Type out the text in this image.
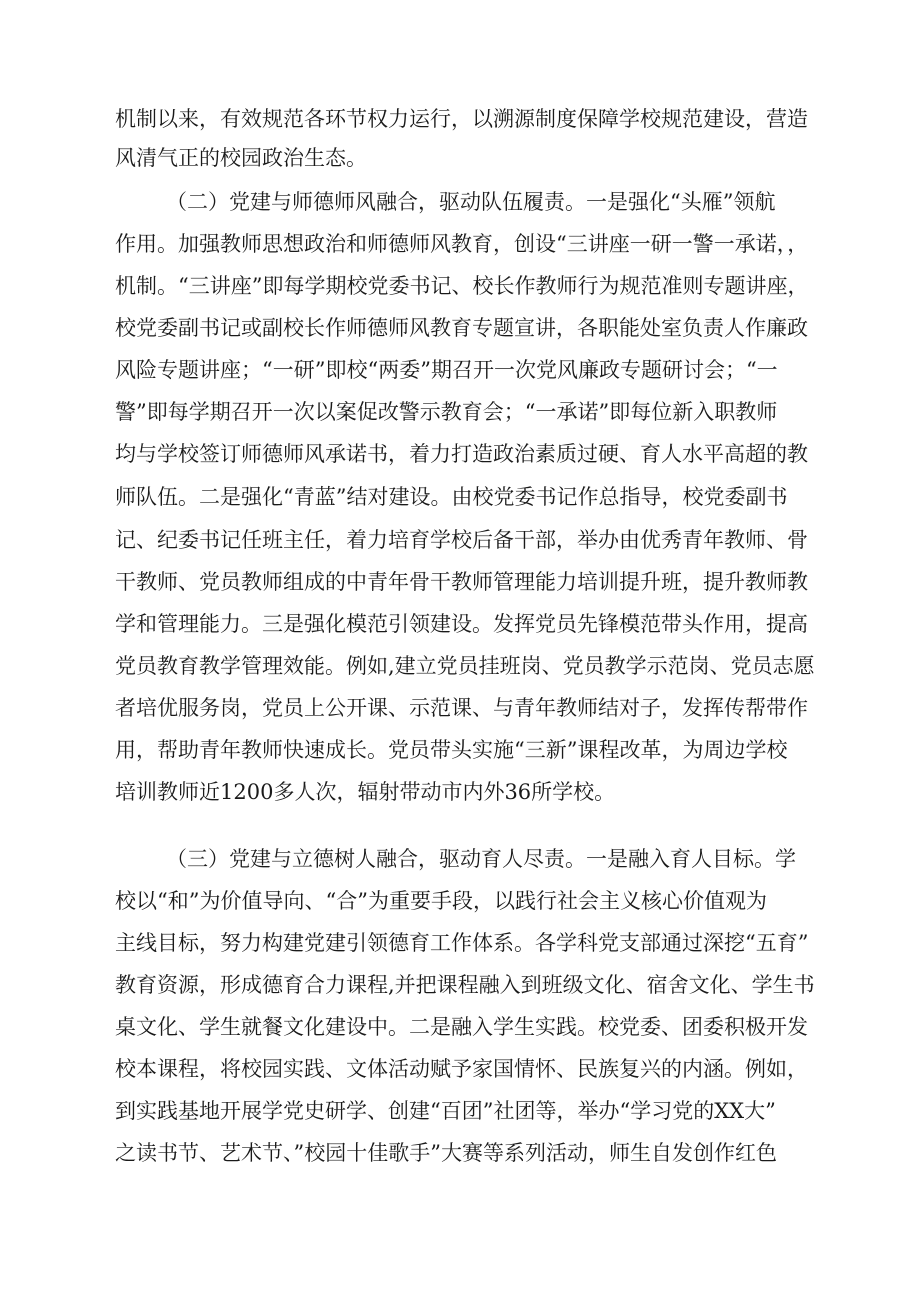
机制以来，有效规范各环节权力运行，以溯源制度保障学校规范建设，营造
风清气正的校园政治生态。
（二）党建与师德师风融合，驱动队伍履责。一是强化“头雁”领航
作用。加强教师思想政治和师德师风教育，创设“三讲座一研一警一承诺，，
机制。“三讲座”即每学期校党委书记、校长作教师行为规范准则专题讲座，
校党委副书记或副校长作师德师风教育专题宣讲，各职能处室负责人作廉政
风险专题讲座；“一研”即校“两委”期召开一次党风廉政专题研讨会；“一
警”即每学期召开一次以案促改警示教育会；“一承诺”即每位新入职教师
均与学校签订师德师风承诺书，着力打造政治素质过硬、育人水平高超的教
师队伍。二是强化“青蓝”结对建设。由校党委书记作总指导，校党委副书
记、纪委书记任班主任，着力培育学校后备干部，举办由优秀青年教师、骨
干教师、党员教师组成的中青年骨干教师管理能力培训提升班，提升教师教
学和管理能力。三是强化模范引领建设。发挥党员先锋模范带头作用，提高
党员教育教学管理效能。例如,建立党员挂班岗、党员教学示范岗、党员志愿
者培优服务岗，党员上公开课、示范课、与青年教师结对子，发挥传帮带作
用，帮助青年教师快速成长。党员带头实施“三新”课程改革，为周边学校
培训教师近1200多人次，辐射带动市内外36所学校。
（三）党建与立德树人融合，驱动育人尽责。一是融入育人目标。学
校以“和”为价值导向、“合”为重要手段，以践行社会主义核心价值观为
主线目标，努力构建党建引领德育工作体系。各学科党支部通过深挖“五育”
教育资源，形成德育合力课程,并把课程融入到班级文化、宿舍文化、学生书
桌文化、学生就餐文化建设中。二是融入学生实践。校党委、团委积极开发
校本课程，将校园实践、文体活动赋予家国情怀、民族复兴的内涵。例如，
到实践基地开展学党史研学、创建“百团”社团等，举办“学习党的XX大”
之读书节、艺术节、”校园十佳歌手”大赛等系列活动，师生自发创作红色
